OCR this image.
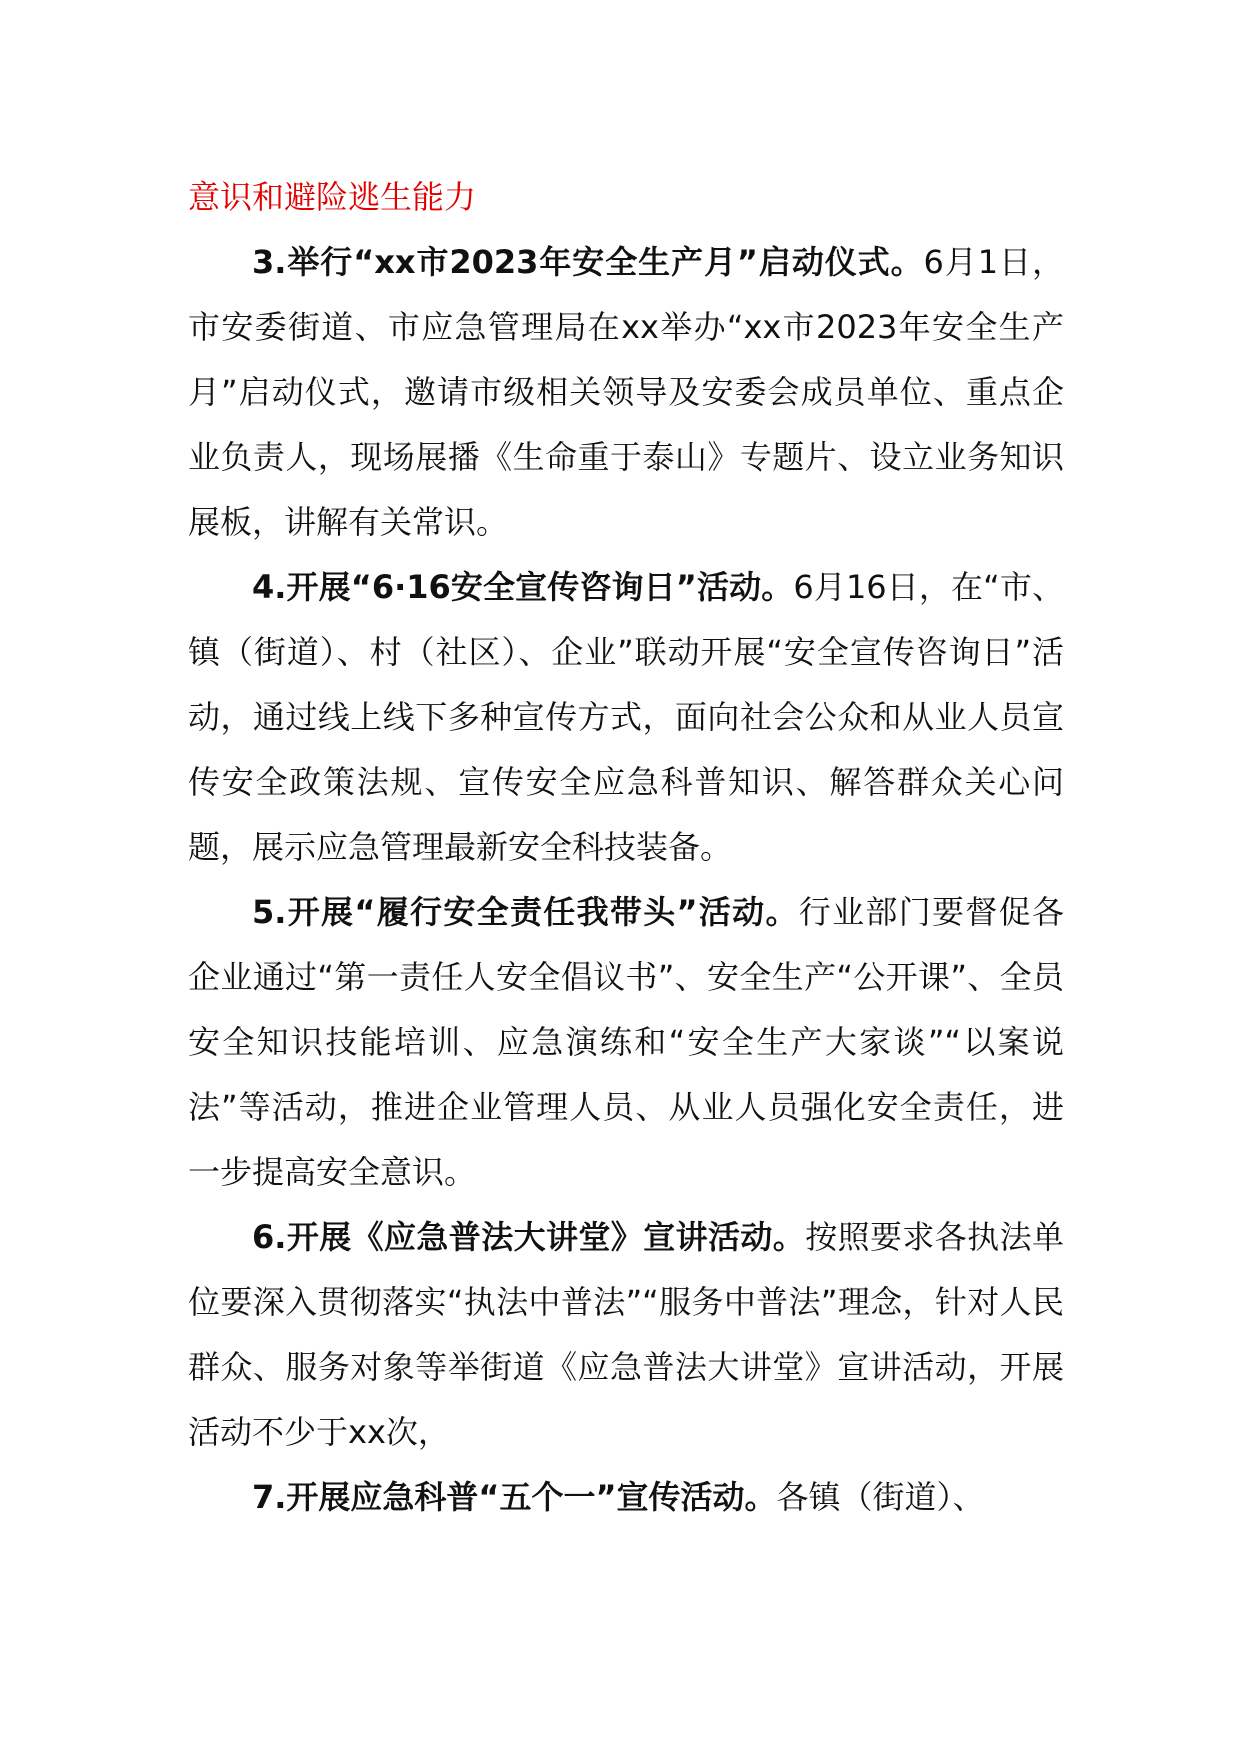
意识和避险逃生能力

3.举行“xx市2023年安全生产月”启动仪式。6月1日，市安委街道、市应急管理局在xx举办“xx市2023年安全生产月”启动仪式，邀请市级相关领导及安委会成员单位、重点企业负责人，现场展播《生命重于泰山》专题片、设立业务知识展板，讲解有关常识。

4.开展“6·16安全宣传咨询日”活动。6月16日，在“市、镇（街道）、村（社区）、企业”联动开展“安全宣传咨询日”活动，通过线上线下多种宣传方式，面向社会公众和从业人员宣传安全政策法规、宣传安全应急科普知识、解答群众关心问题，展示应急管理最新安全科技装备。

5.开展“履行安全责任我带头”活动。行业部门要督促各企业通过“第一责任人安全倡议书”、安全生产“公开课”、全员安全知识技能培训、应急演练和“安全生产大家谈”“以案说法”等活动，推进企业管理人员、从业人员强化安全责任，进一步提高安全意识。

6.开展《应急普法大讲堂》宣讲活动。按照要求各执法单位要深入贯彻落实“执法中普法”“服务中普法”理念，针对人民群众、服务对象等举街道《应急普法大讲堂》宣讲活动，开展活动不少于xx次，

7.开展应急科普“五个一”宣传活动。各镇（街道）、
